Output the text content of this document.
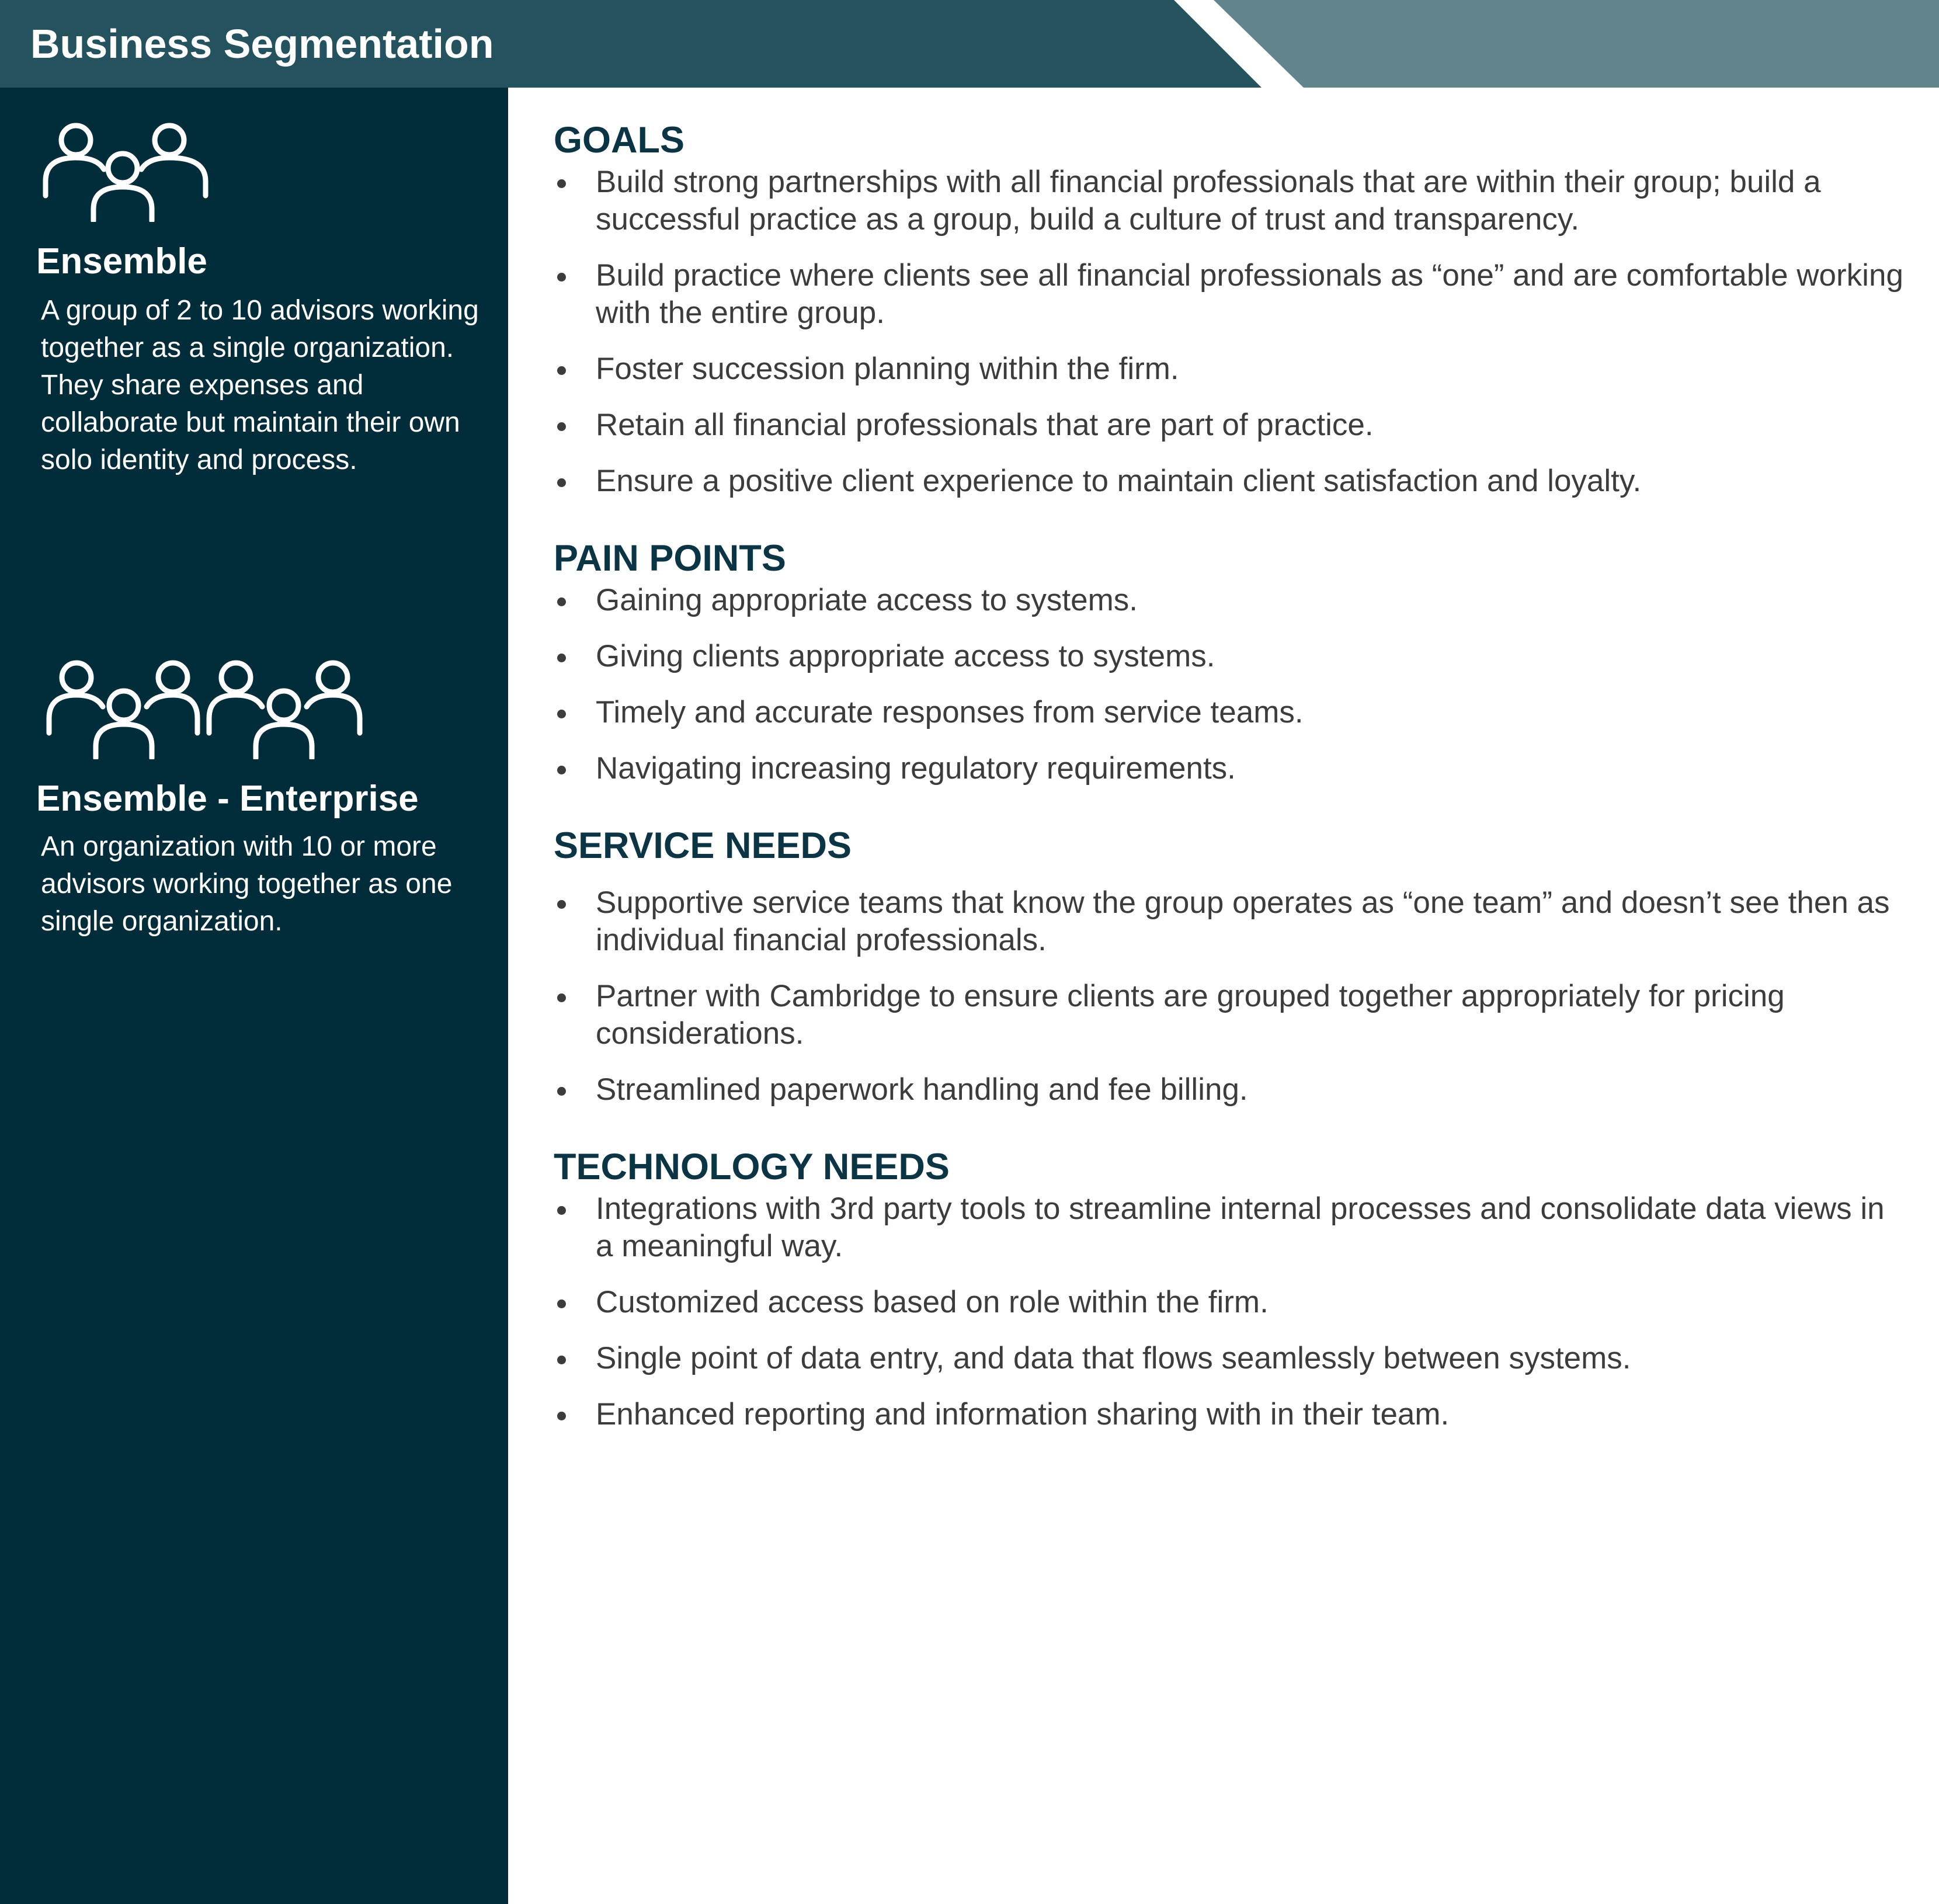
Business Segmentation
Ensemble

A group of 2 to 10 advisors working together as a single organization. They share expenses and collaborate but maintain their own solo identity and process.

Ensemble - Enterprise

An organization with 10 or more advisors working together as one single organization.

GOALS
Build strong partnerships with all financial professionals that are within their group; build a successful practice as a group, build a culture of trust and transparency.
Build practice where clients see all financial professionals as “one” and are comfortable working with the entire group.
Foster succession planning within the firm.
Retain all financial professionals that are part of practice.
Ensure a positive client experience to maintain client satisfaction and loyalty.
PAIN POINTS
Gaining appropriate access to systems.
Giving clients appropriate access to systems.
Timely and accurate responses from service teams.
Navigating increasing regulatory requirements.
SERVICE NEEDS
Supportive service teams that know the group operates as “one team” and doesn’t see then as individual financial professionals.
Partner with Cambridge to ensure clients are grouped together appropriately for pricing considerations.
Streamlined paperwork handling and fee billing.
TECHNOLOGY NEEDS
Integrations with 3rd party tools to streamline internal processes and consolidate data views in a meaningful way.
Customized access based on role within the firm.
Single point of data entry, and data that flows seamlessly between systems.
Enhanced reporting and information sharing with in their team.
